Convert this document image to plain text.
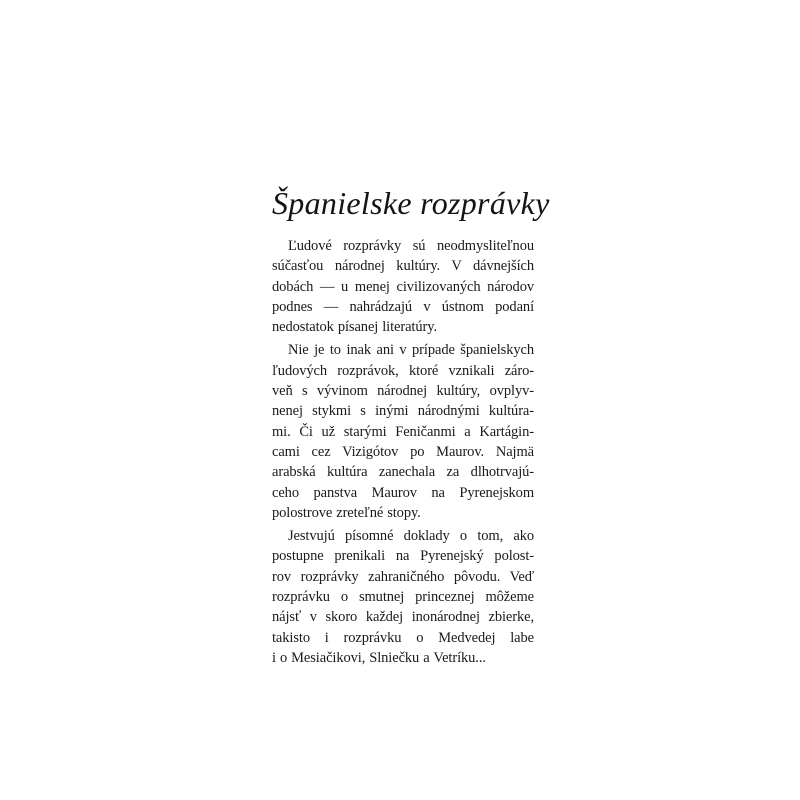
Španielske rozprávky

Ľudové rozprávky sú neodmysliteľnou
súčasťou národnej kultúry. V dávnejších
dobách — u menej civilizovaných národov
podnes — nahrádzajú v ústnom podaní
nedostatok písanej literatúry.

Nie je to inak ani v prípade španielskych
ľudových rozprávok, ktoré vznikali záro-
veň s vývinom národnej kultúry, ovplyv-
nenej stykmi s inými národnými kultúra-
mi. Či už starými Feničanmi a Kartágin-
cami cez Vizigótov po Maurov. Najmä
arabská kultúra zanechala za dlhotrvajú-
ceho panstva Maurov na Pyrenejskom
polostrove zreteľné stopy.

Jestvujú písomné doklady o tom, ako
postupne prenikali na Pyrenejský polost-
rov rozprávky zahraničného pôvodu. Veď
rozprávku o smutnej princeznej môžeme
nájsť v skoro každej inonárodnej zbierke,
takisto i rozprávku o Medvedej labe
i o Mesiačikovi, Slniečku a Vetríku...
